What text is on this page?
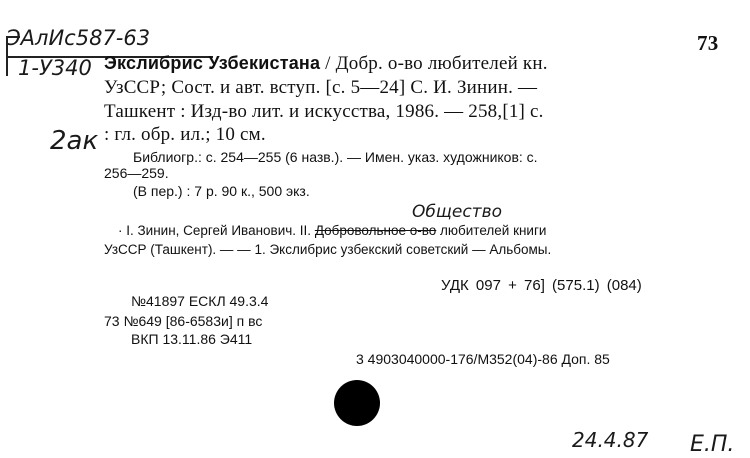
ЭАлИс587-63
1-У340
73
Экслибрис Узбекистана / Добр. о-во любителей кн.
УзССР; Сост. и авт. вступ. [с. 5—24] С. И. Зинин. —
Ташкент : Изд-во лит. и искусства, 1986. — 258,[1] с.
: гл. обр. ил.; 10 см.
2ак
Библиогр.: с. 254—255 (6 назв.). — Имен. указ. художников: с.
256—259.
(В пер.) : 7 р. 90 к., 500 экз.
Общество
· I. Зинин, Сергей Иванович. II. Добровольное о-во любителей книги
УзССР (Ташкент). — — 1. Экслибрис узбекский советский — Альбомы.
УДК 097 + 76] (575.1) (084)
№41897 ЕСКЛ 49.3.4
73 №649 [86-6583и] п вс
ВКП 13.11.86 Э411
3 4903040000-176/М352(04)-86 Доп. 85
24.4.87 Е.П.
